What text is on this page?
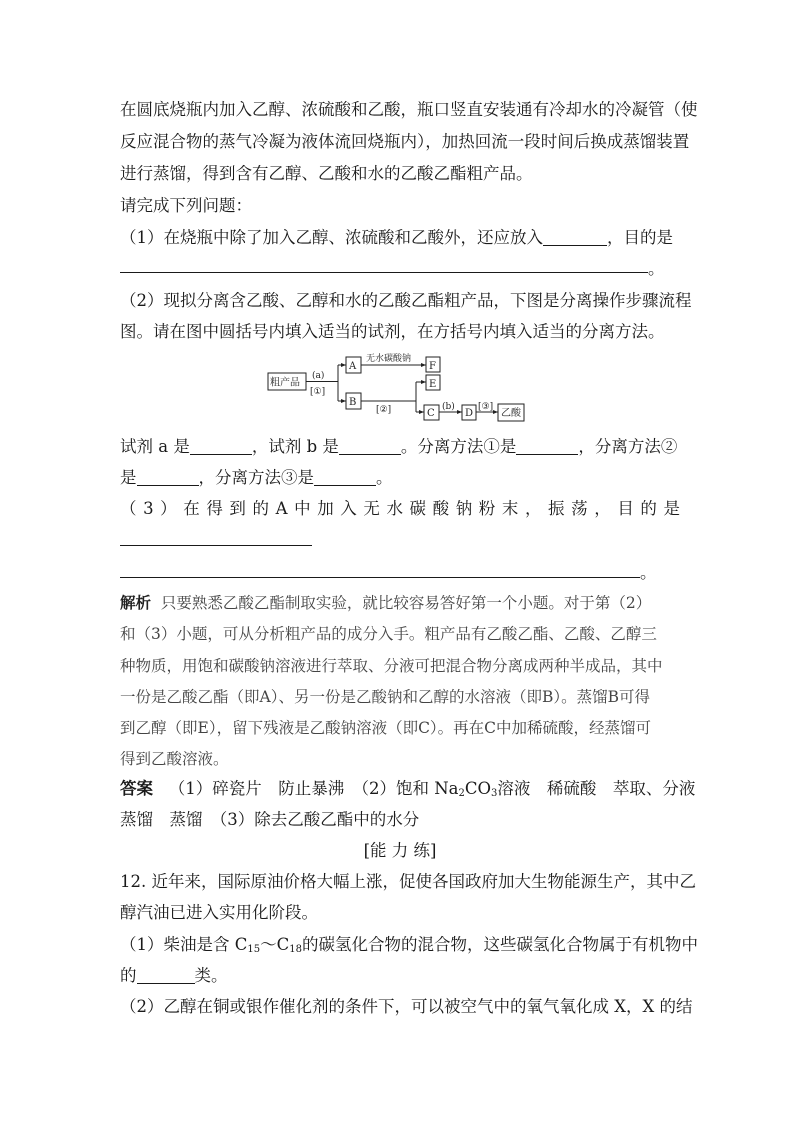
在圆底烧瓶内加入乙醇、浓硫酸和乙酸，瓶口竖直安装通有冷却水的冷凝管（使
反应混合物的蒸气冷凝为液体流回烧瓶内），加热回流一段时间后换成蒸馏装置
进行蒸馏，得到含有乙醇、乙酸和水的乙酸乙酯粗产品。
请完成下列问题：
（1）在烧瓶中除了加入乙醇、浓硫酸和乙酸外，还应放入	，目的是
。
（2）现拟分离含乙酸、乙醇和水的乙酸乙酯粗产品，下图是分离操作步骤流程
图。请在图中圆括号内填入适当的试剂，在方括号内填入适当的分离方法。
粗产品
(a)
[①]
A
B
无水碳酸钠
F
E
[②]	C
(b)
D
[③]
乙酸
试剂 a 是	，试剂 b 是	。分离方法①是	，分离方法②
是	，分离方法③是	。
（3）在得到的A中加入无水碳酸钠粉末，振荡，目的是
。
解析 只要熟悉乙酸乙酯制取实验，就比较容易答好第一个小题。对于第（2）
和（3）小题，可从分析粗产品的成分入手。粗产品有乙酸乙酯、乙酸、乙醇三
种物质，用饱和碳酸钠溶液进行萃取、分液可把混合物分离成两种半成品，其中
一份是乙酸乙酯（即A）、另一份是乙酸钠和乙醇的水溶液（即B）。蒸馏B可得
到乙醇（即E），留下残液是乙酸钠溶液（即C）。再在C中加稀硫酸，经蒸馏可
得到乙酸溶液。
答案 （1）碎瓷片　防止暴沸　（2）饱和 $Na_2CO_3$溶液　稀硫酸　萃取、分液
蒸馏　蒸馏　（3）除去乙酸乙酯中的水分
[能 力 练]
12. 近年来，国际原油价格大幅上涨，促使各国政府加大生物能源生产，其中乙
醇汽油已进入实用化阶段。
（1）柴油是含 $C_{15}\sim C_{18}$的碳氢化合物的混合物，这些碳氢化合物属于有机物中
的	类。
（2）乙醇在铜或银作催化剂的条件下，可以被空气中的氧气氧化成 X，X 的结
